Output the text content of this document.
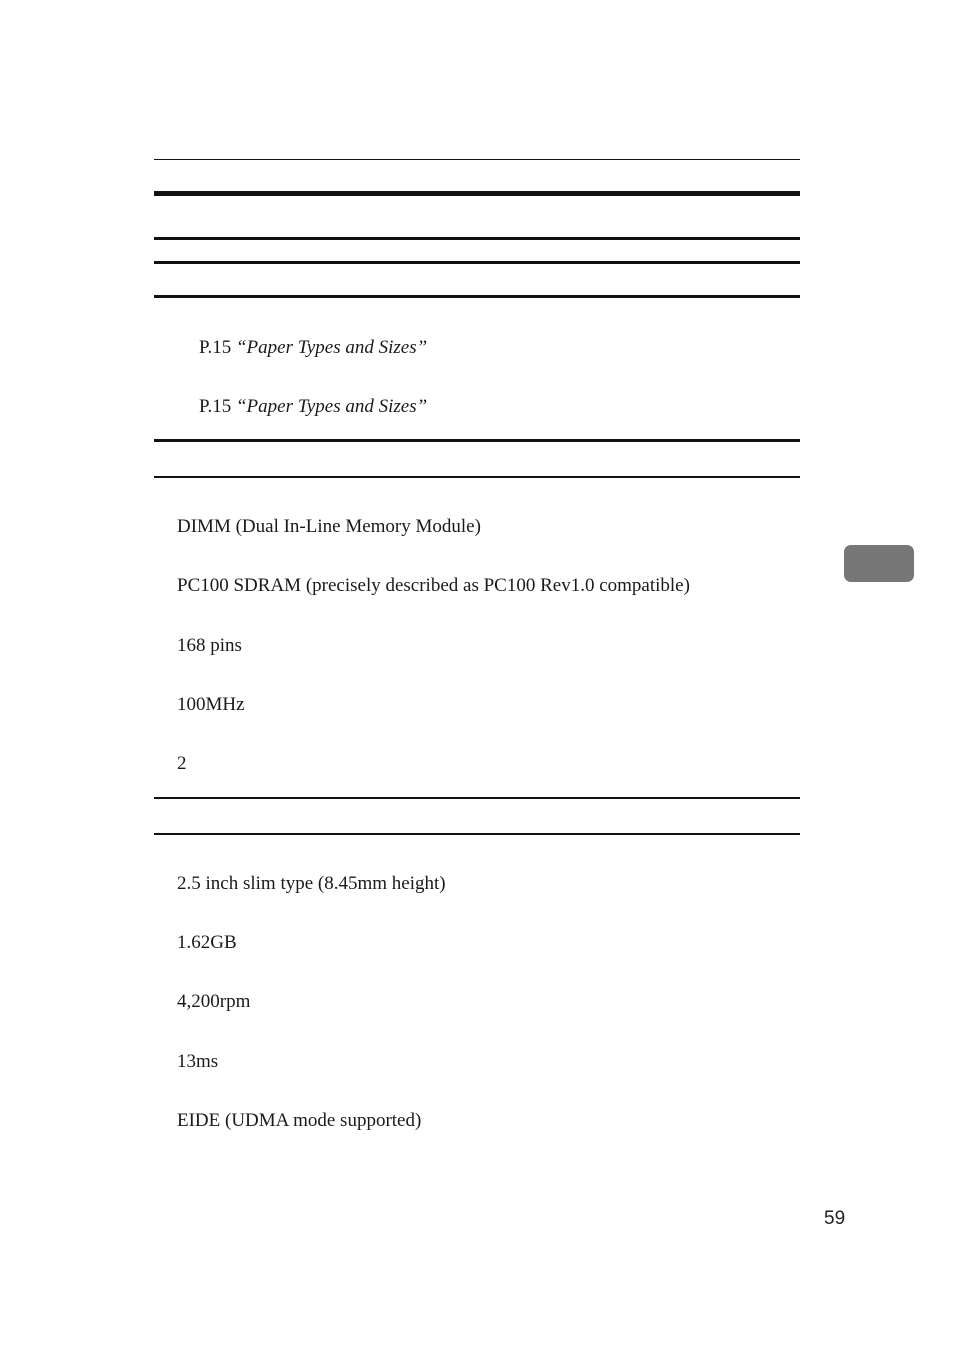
P.15 “Paper Types and Sizes”
P.15 “Paper Types and Sizes”
DIMM (Dual In-Line Memory Module)
PC100 SDRAM (precisely described as PC100 Rev1.0 compatible)
168 pins
100MHz
2
2.5 inch slim type (8.45mm height)
1.62GB
4,200rpm
13ms
EIDE (UDMA mode supported)
59
